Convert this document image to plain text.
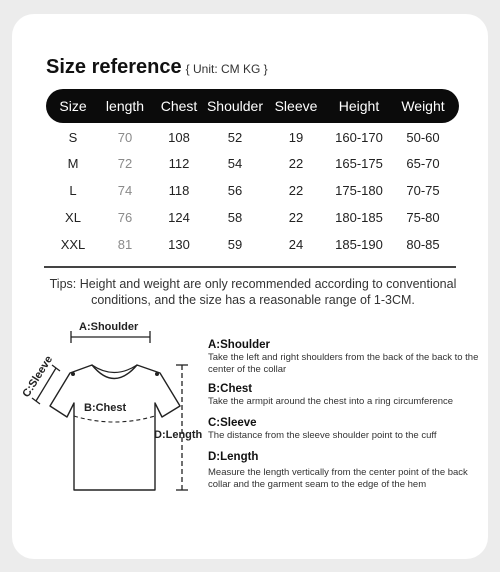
Size reference { Unit: CM KG }
Size	length	Chest Shoulder Sleeve	Height	Weight
S	70	108	52	19	160-170	50-60
M	72	112	54	22	165-175	65-70
L	74	118	56	22	175-180	70-75
XL	76	124	58	22	180-185	75-80
XXL	81	130	59	24	185-190	80-85
Tips: Height and weight are only recommended according to conventional conditions, and the size has a reasonable range of 1-3CM.
A:Shoulder
B:Chest
C:Sleeve
D:Length
A:Shoulder
Take the left and right shoulders from the back of the back to the center of the collar
B:Chest
Take the armpit around the chest into a ring circumference
C:Sleeve
The distance from the sleeve shoulder point to the cuff
D:Length
Measure the length vertically from the center point of the back collar and the garment seam to the edge of the hem
